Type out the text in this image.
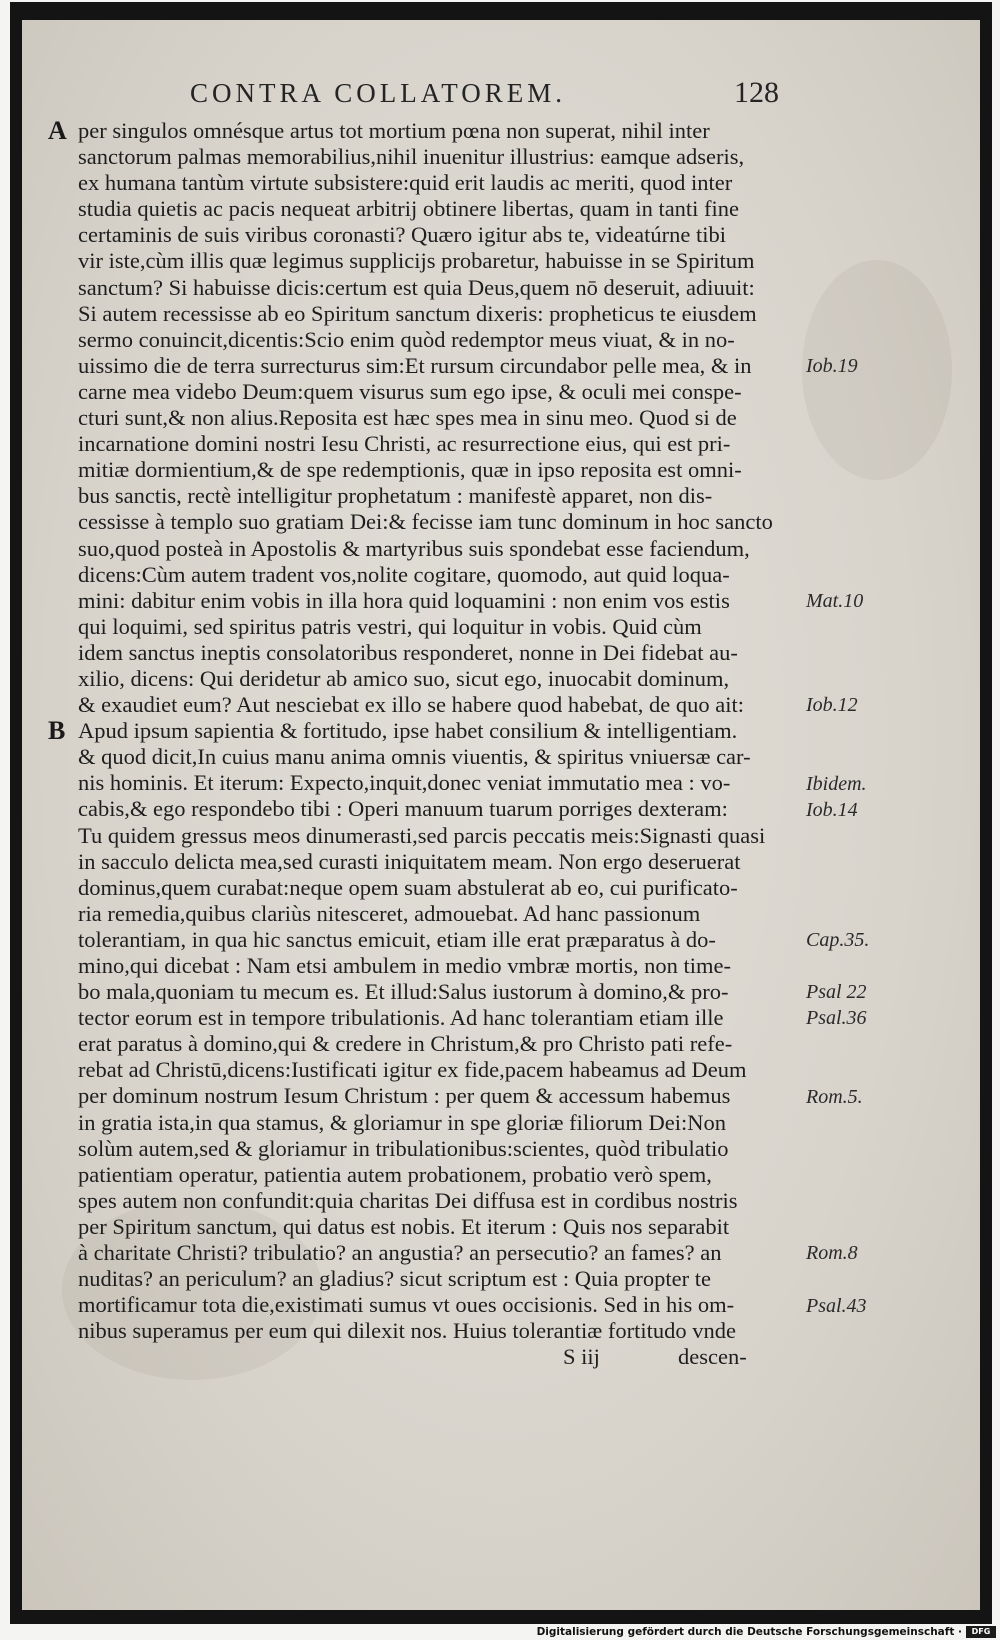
CONTRA COLLATOREM.	128
A per singulos omnésque artus tot mortium pœna non superat, nihil inter
sanctorum palmas memorabilius,nihil inuenitur illustrius: eamque adseris,
ex humana tantùm virtute subsistere:quid erit laudis ac meriti, quod inter
studia quietis ac pacis nequeat arbitrij obtinere libertas, quam in tanti fine
certaminis de suis viribus coronasti? Quæro igitur abs te, videatúrne tibi
vir iste,cùm illis quæ legimus supplicijs probaretur, habuisse in se Spiritum
sanctum? Si habuisse dicis:certum est quia Deus,quem nō deseruit, adiuuit:
Si autem recessisse ab eo Spiritum sanctum dixeris: propheticus te eiusdem
sermo conuincit,dicentis:Scio enim quòd redemptor meus viuat, & in no-
uissimo die de terra surrecturus sim:Et rursum circundabor pelle mea, & in
carne mea videbo Deum:quem visurus sum ego ipse, & oculi mei conspe-
cturi sunt,& non alius.Reposita est hæc spes mea in sinu meo. Quod si de
incarnatione domini nostri Iesu Christi, ac resurrectione eius, qui est pri-
mitiæ dormientium,& de spe redemptionis, quæ in ipso reposita est omni-
bus sanctis, rectè intelligitur prophetatum : manifestè apparet, non dis-
cessisse à templo suo gratiam Dei:& fecisse iam tunc dominum in hoc sancto
suo,quod posteà in Apostolis & martyribus suis spondebat esse faciendum,
dicens:Cùm autem tradent vos,nolite cogitare, quomodo, aut quid loqua-
mini: dabitur enim vobis in illa hora quid loquamini : non enim vos estis
qui loquimi, sed spiritus patris vestri, qui loquitur in vobis. Quid cùm
idem sanctus ineptis consolatoribus responderet, nonne in Dei fidebat au-
xilio, dicens: Qui deridetur ab amico suo, sicut ego, inuocabit dominum,
& exaudiet eum? Aut nesciebat ex illo se habere quod habebat, de quo ait:
B Apud ipsum sapientia & fortitudo, ipse habet consilium & intelligentiam.
& quod dicit,In cuius manu anima omnis viuentis, & spiritus vniuersæ car-
nis hominis. Et iterum: Expecto,inquit,donec veniat immutatio mea : vo-
cabis,& ego respondebo tibi : Operi manuum tuarum porriges dexteram:
Tu quidem gressus meos dinumerasti,sed parcis peccatis meis:Signasti quasi
in sacculo delicta mea,sed curasti iniquitatem meam. Non ergo deseruerat
dominus,quem curabat:neque opem suam abstulerat ab eo, cui purificato-
ria remedia,quibus clariùs nitesceret, admouebat. Ad hanc passionum
tolerantiam, in qua hic sanctus emicuit, etiam ille erat præparatus à do-
mino,qui dicebat : Nam etsi ambulem in medio vmbræ mortis, non time-
bo mala,quoniam tu mecum es. Et illud:Salus iustorum à domino,& pro-
tector eorum est in tempore tribulationis. Ad hanc tolerantiam etiam ille
erat paratus à domino,qui & credere in Christum,& pro Christo pati refe-
rebat ad Christū,dicens:Iustificati igitur ex fide,pacem habeamus ad Deum
per dominum nostrum Iesum Christum : per quem & accessum habemus
in gratia ista,in qua stamus, & gloriamur in spe gloriæ filiorum Dei:Non
solùm autem,sed & gloriamur in tribulationibus:scientes, quòd tribulatio
patientiam operatur, patientia autem probationem, probatio verò spem,
spes autem non confundit:quia charitas Dei diffusa est in cordibus nostris
per Spiritum sanctum, qui datus est nobis. Et iterum : Quis nos separabit
à charitate Christi? tribulatio? an angustia? an persecutio? an fames? an
nuditas? an periculum? an gladius? sicut scriptum est : Quia propter te
mortificamur tota die,existimati sumus vt oues occisionis. Sed in his om-
nibus superamus per eum qui dilexit nos. Huius tolerantiæ fortitudo vnde
S iij	descen-
Iob.19
Mat.10
Iob.12
Ibidem.
Iob.14
Cap.35.
Psal 22
Psal.36
Rom.5.
Rom.8
Psal.43
Digitalisierung gefördert durch die Deutsche Forschungsgemeinschaft ·	DFG
